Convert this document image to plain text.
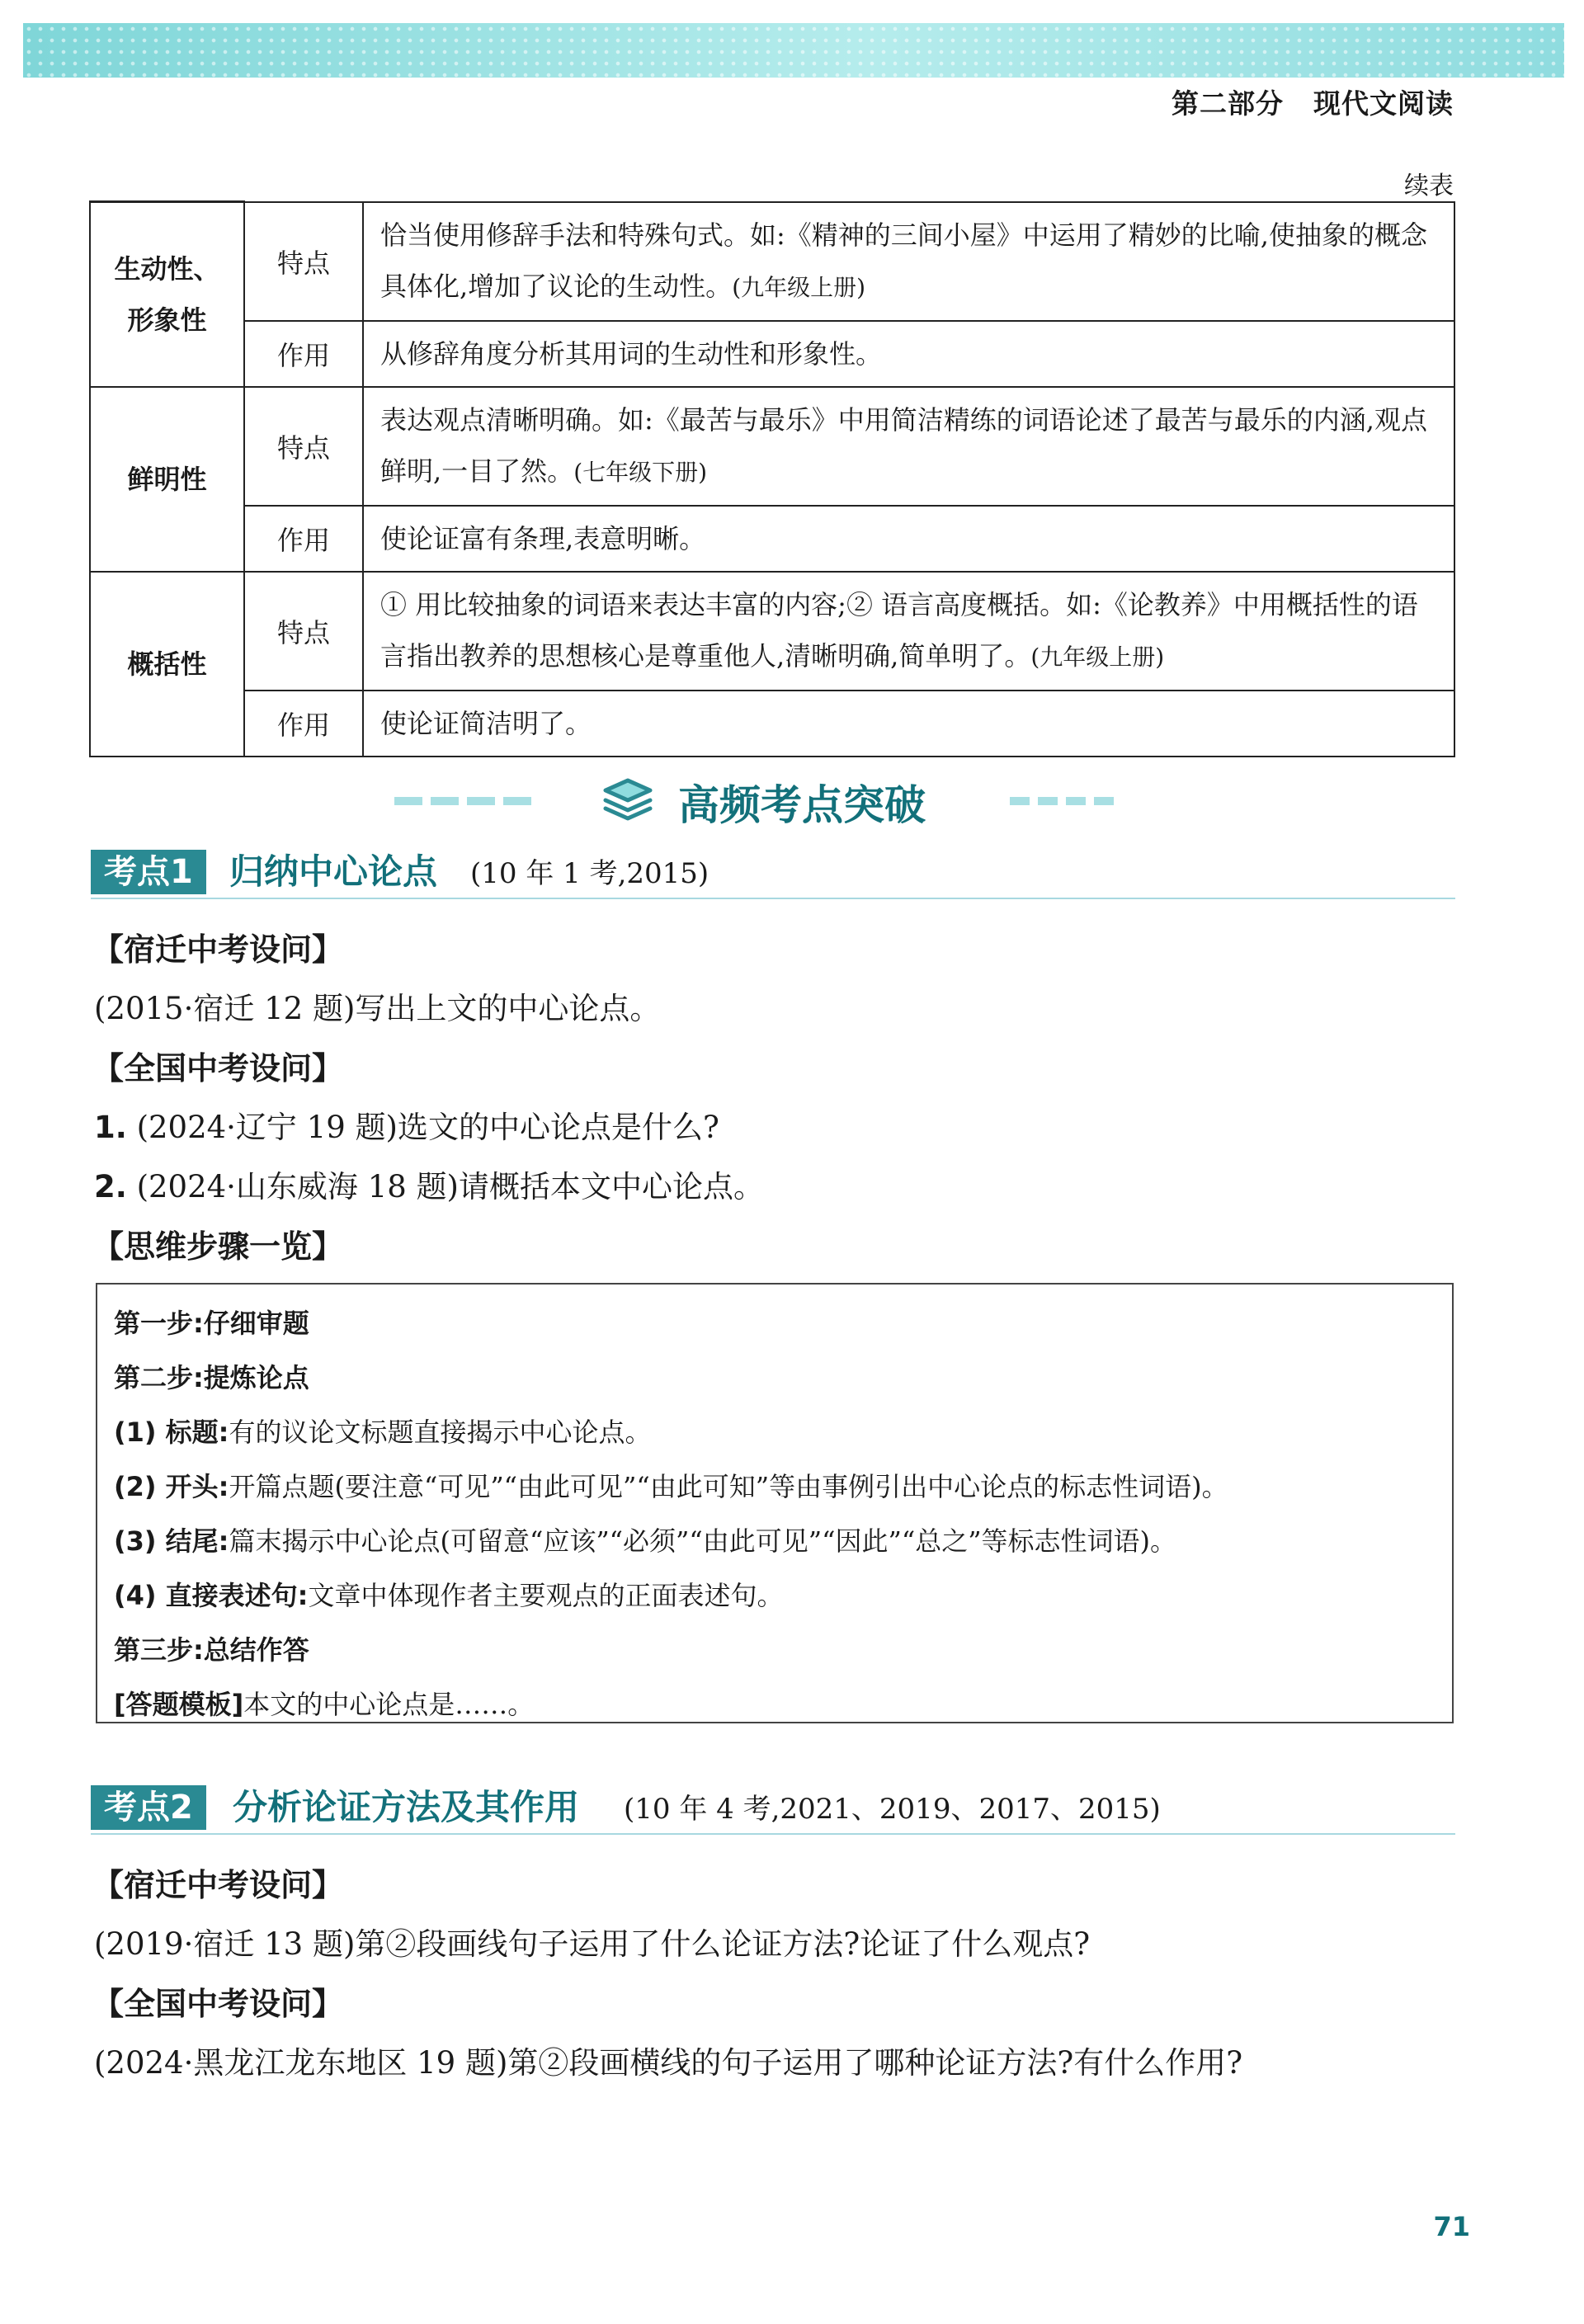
第二部分 现代文阅读
续表
生动性、
形象性	特点	恰当使用修辞手法和特殊句式。如:《精神的三间小屋》中运用了精妙的比喻,使抽象的概念具体化,增加了议论的生动性。(九年级上册)
	作用	从修辞角度分析其用词的生动性和形象性。
鲜明性	特点	表达观点清晰明确。如:《最苦与最乐》中用简洁精练的词语论述了最苦与最乐的内涵,观点鲜明,一目了然。(七年级下册)
	作用	使论证富有条理,表意明晰。
概括性	特点	① 用比较抽象的词语来表达丰富的内容;② 语言高度概括。如:《论教养》中用概括性的语言指出教养的思想核心是尊重他人,清晰明确,简单明了。(九年级上册)
	作用	使论证简洁明了。
高频考点突破
考点1	归纳中心论点 (10 年 1 考,2015)
【宿迁中考设问】
(2015·宿迁 12 题)写出上文的中心论点。
【全国中考设问】
1. (2024·辽宁 19 题)选文的中心论点是什么?
2. (2024·山东威海 18 题)请概括本文中心论点。
【思维步骤一览】
第一步:仔细审题
第二步:提炼论点
(1) 标题:有的议论文标题直接揭示中心论点。
(2) 开头:开篇点题(要注意“可见”“由此可见”“由此可知”等由事例引出中心论点的标志性词语)。
(3) 结尾:篇末揭示中心论点(可留意“应该”“必须”“由此可见”“因此”“总之”等标志性词语)。
(4) 直接表述句:文章中体现作者主要观点的正面表述句。
第三步:总结作答
[答题模板]本文的中心论点是……。
考点2	分析论证方法及其作用 (10 年 4 考,2021、2019、2017、2015)
【宿迁中考设问】
(2019·宿迁 13 题)第②段画线句子运用了什么论证方法?论证了什么观点?
【全国中考设问】
(2024·黑龙江龙东地区 19 题)第②段画横线的句子运用了哪种论证方法?有什么作用?
71
